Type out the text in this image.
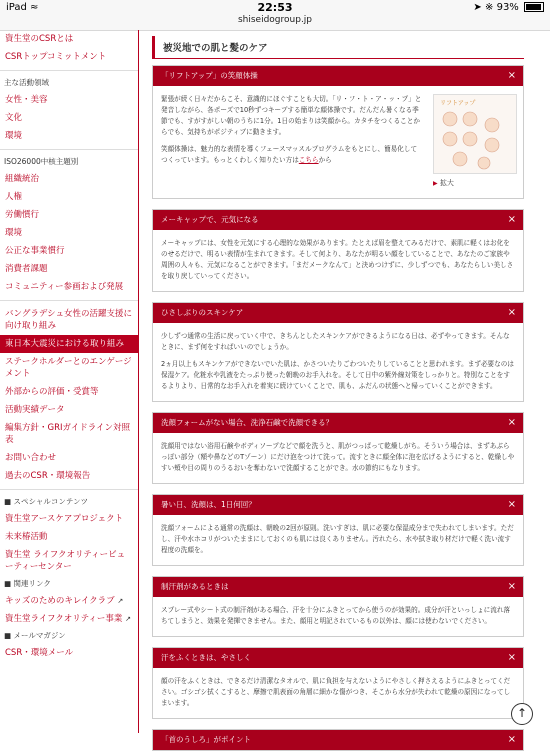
iPad ≈	22:53
shiseidogroup.jp
➤ ※ 93%
資生堂のCSRとは
CSRトップコミットメント
主な活動領域
女性・美容
文化
環境
ISO26000中核主題別
組織統治
人権
労働慣行
環境
公正な事業慣行
消費者課題
コミュニティー参画および発展
バングラデシュ女性の活躍支援に向け取り組み
東日本大震災における取り組み
ステークホルダーとのエンゲージメント
外部からの評価・受賞等
活動実績データ
編集方針・GRIガイドライン対照表
お問い合わせ
過去のCSR・環境報告
■ スペシャルコンテンツ
資生堂アースケアプロジェクト
未来椿活動
資生堂 ライフクオリティービューティーセンター
■ 関連リンク
キッズのためのキレイクラブ ↗
資生堂ライフクオリティー事業 ↗
■ メールマガジン
CSR・環境メール
被災地での肌と髪のケア
「リフトアップ」の笑顔体操	×
リフトアップ
▶ 拡大

緊張が続く日々だからこそ、意識的にほぐすことも大切。「リ・フ・ト・ア・ッ・プ」と発音しながら、各ポーズで10秒ずつキープする簡単な顔体操です。だんだん暑くなる季節でも、すがすがしい朝のうちに1分。1日の始まりは笑顔から。カタチをつくることからでも、気持ちがポジティブに動きます。

笑顔体操は、魅力的な表情を導くフェースマッスルプログラムをもとにし、簡易化してつくっています。もっとくわしく知りたい方はこちらから

メーキャップで、元気になる	×

メーキャップには、女性を元気にする心理的な効果があります。たとえば眉を整えてみるだけで、素肌に軽くはお化をのせるだけで、明るい表情が生まれてきます。そして何より、あなたが明るい顔をしていることで、あなたのご家族や周囲の人々も、元気になることができます。「まだメークなんて」と決めつけずに、少しずつでも、あなたらしい美しさを取り戻していってください。

ひさしぶりのスキンケア	×

少しずつ通常の生活に戻っていく中で、きちんとしたスキンケアができるようになる日は、必ずやってきます。そんなときに、まず何をすればいいのでしょうか。

2ヵ月以上もスキンケアができないでいた肌は、かさついたりごわついたりしていることと思われます。まず必要なのは保湿ケア。化粧水や乳液をたっぷり使った朝晩のお手入れを。そして日中の紫外線対策をしっかりと。特別なことをするよりより、日常的なお手入れを着実に続けていくことで、肌も、ふだんの状態へと帰っていくことができます。

洗顔フォームがない場合、洗浄石鹸で洗顔できる？	×

洗顔用ではない浴用石鹸やボディソープなどで顔を洗うと、肌がつっぱって乾燥しがち。そういう場合は、まずあぶらっぽい部分（額や鼻などのTゾーン）にだけ泡をつけて洗って。流すときに顔全体に泡を広げるようにすると、乾燥しやすい頬や目の周りのうるおいを奪わないで洗顔することができ。水の節約にもなります。

暑い日、洗顔は、1日何回？	×

洗顔フォームによる通常の洗顔は、朝晩の2回が原則。洗いすぎは、肌に必要な保湿成分まで失われてしまいます。ただし、汗や水ホコリがついたままにしておくのも肌には良くありません。汚れたら、水や拭き取り材だけで軽く洗い流す程度の洗顔を。

制汗剤があるときは	×

スプレー式やシート式の制汗剤がある場合、汗を十分にふきとってから使うのが効果的。成分が汗といっしょに流れ落ちてしまうと、効果を発揮できません。また、顔用と明記されているもの以外は、顔には使わないでください。

汗をふくときは、やさしく	×

顔の汗をふくときは、できるだけ清潔なタオルで、肌に負担を与えないようにやさしく押さえるようにふきとってください。ゴシゴシ拭くこすると、摩擦で肌表面の角層に細かな傷がつき、そこから水分が失われて乾燥の原因になってしまいます。

「首のうしろ」がポイント	×
↑
